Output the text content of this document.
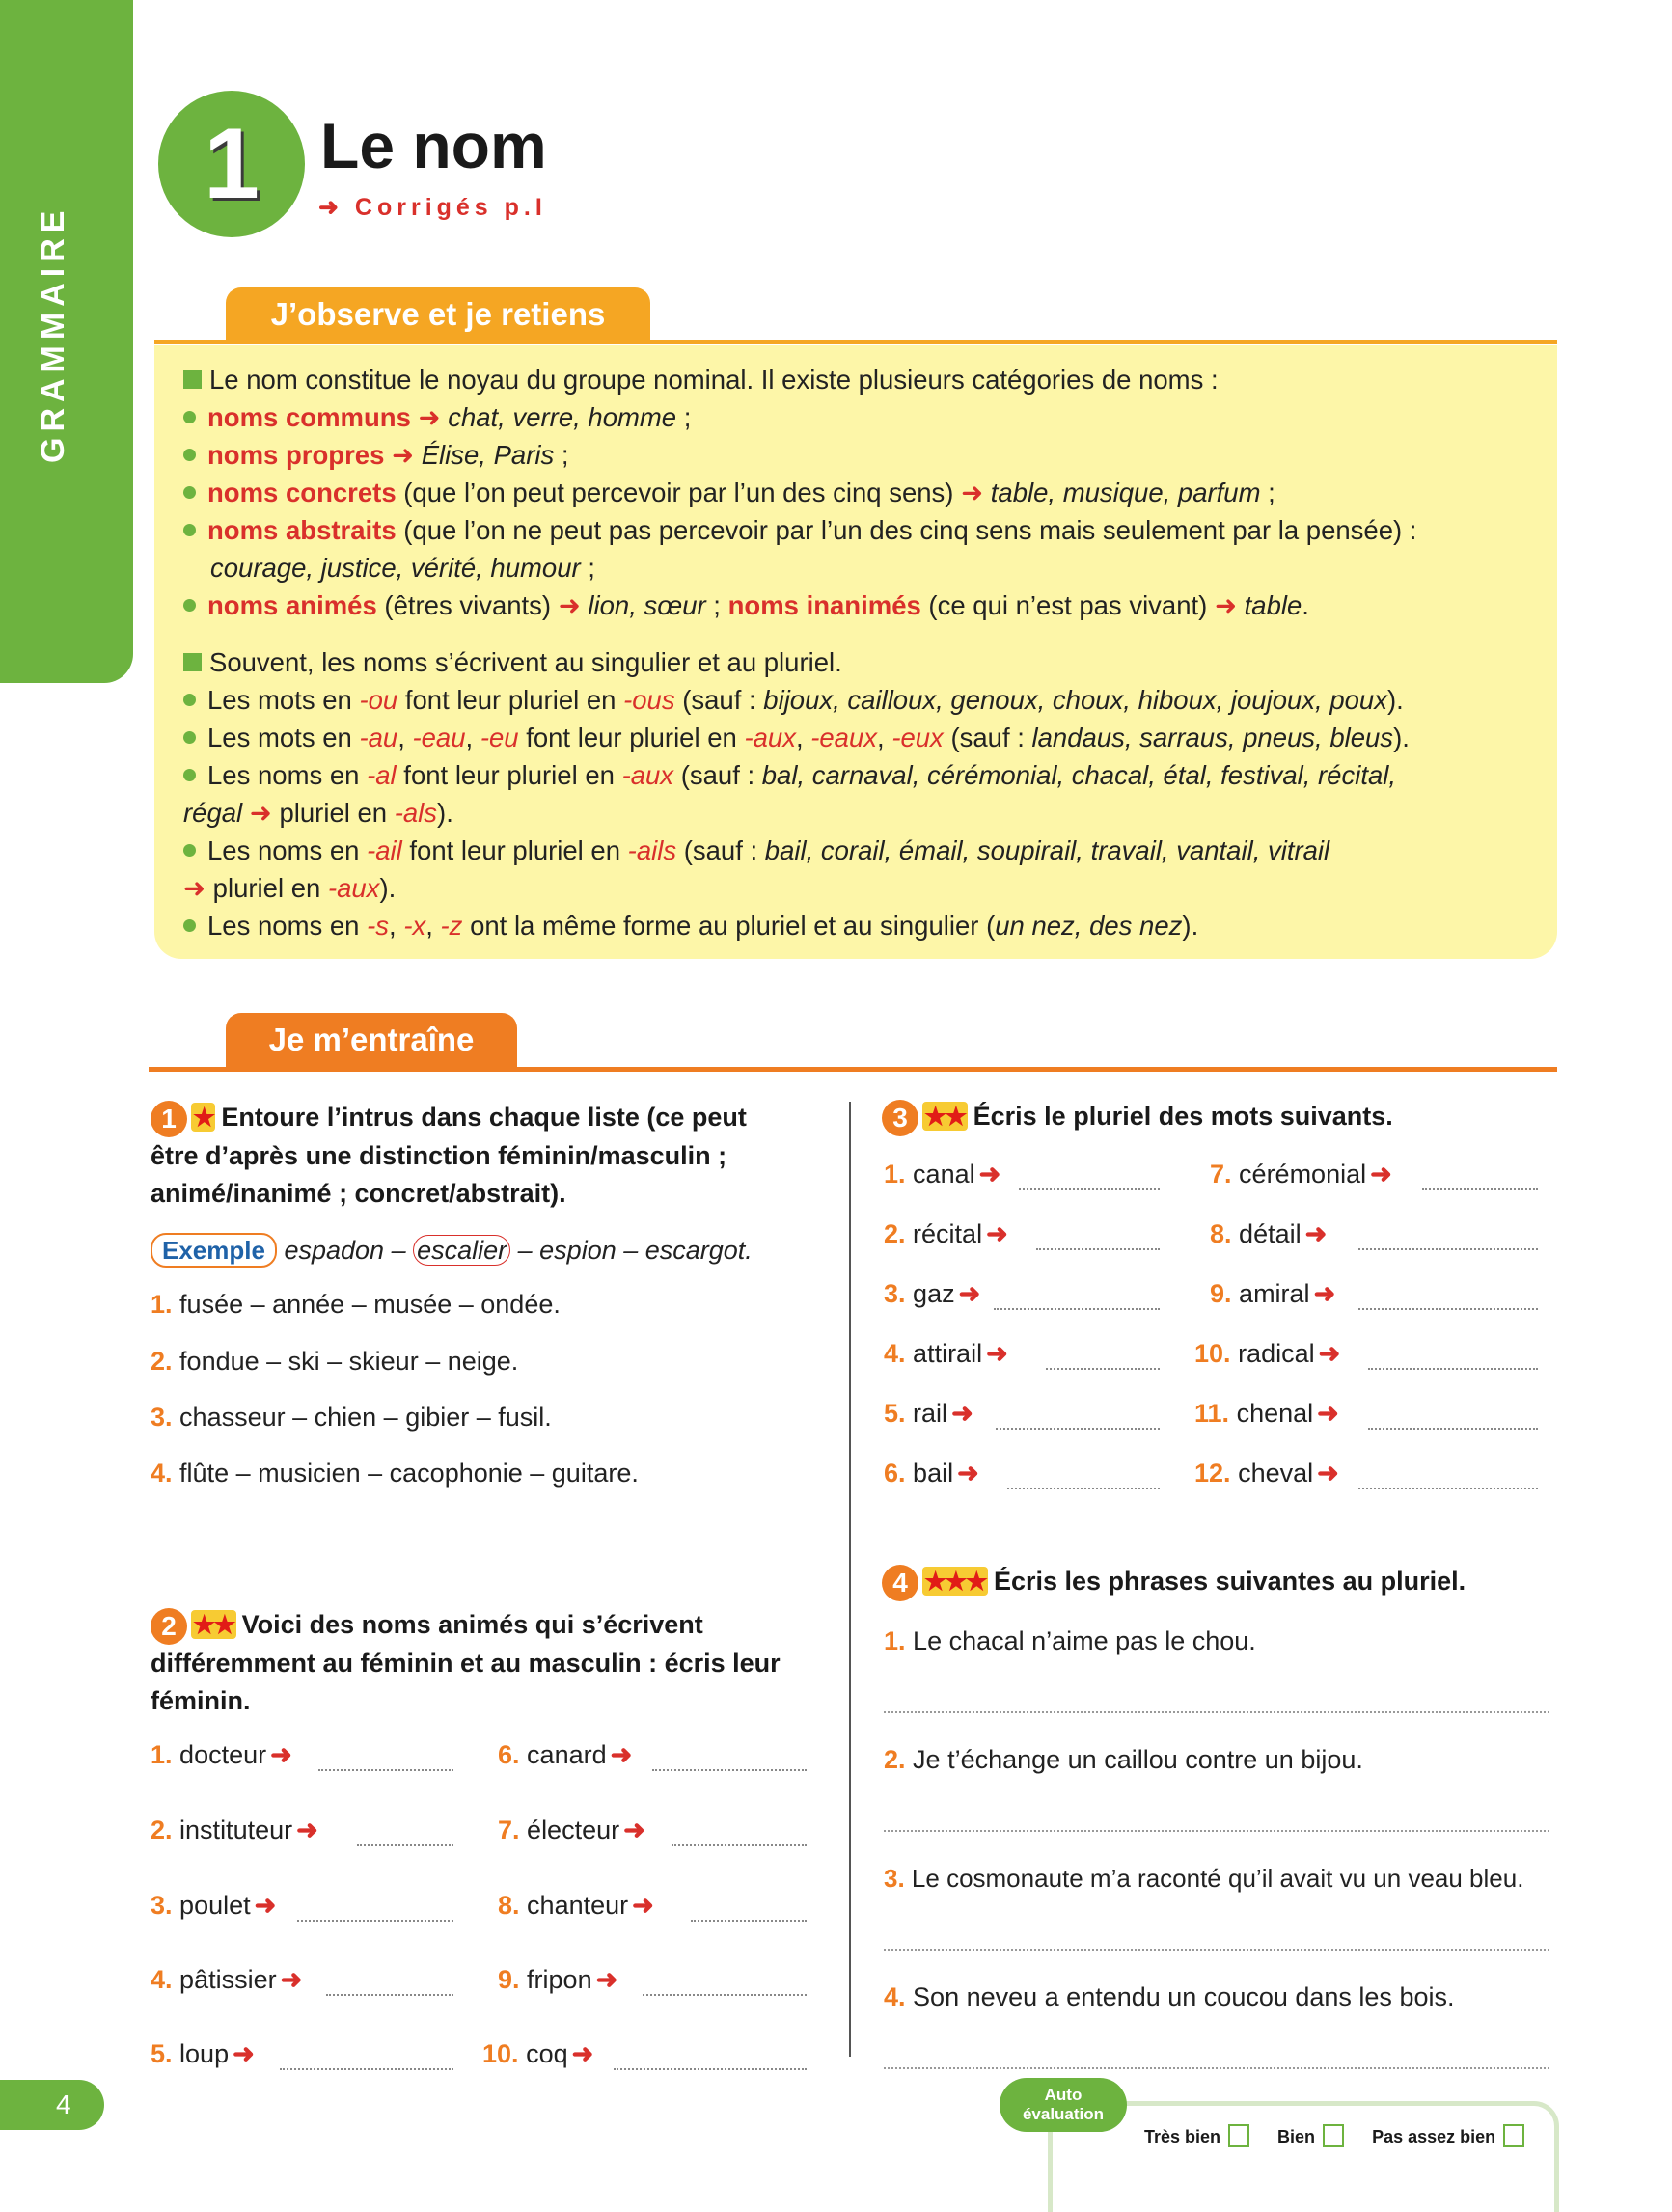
GRAMMAIRE
1 Le nom
➜ Corrigés p.I
J’observe et je retiens

Le nom constitue le noyau du groupe nominal. Il existe plusieurs catégories de noms :

noms communs ➜ chat, verre, homme ;

noms propres ➜ Élise, Paris ;

noms concrets (que l’on peut percevoir par l’un des cinq sens) ➜ table, musique, parfum ;

noms abstraits (que l’on ne peut pas percevoir par l’un des cinq sens mais seulement par la pensée) :

courage, justice, vérité, humour ;

noms animés (êtres vivants) ➜ lion, sœur ; noms inanimés (ce qui n’est pas vivant) ➜ table.

Souvent, les noms s’écrivent au singulier et au pluriel.

Les mots en -ou font leur pluriel en -ous (sauf : bijoux, cailloux, genoux, choux, hiboux, joujoux, poux).

Les mots en -au, -eau, -eu font leur pluriel en -aux, -eaux, -eux (sauf : landaus, sarraus, pneus, bleus).

Les noms en -al font leur pluriel en -aux (sauf : bal, carnaval, cérémonial, chacal, étal, festival, récital,

régal ➜ pluriel en -als).

Les noms en -ail font leur pluriel en -ails (sauf : bail, corail, émail, soupirail, travail, vantail, vitrail

➜ pluriel en -aux).

Les noms en -s, -x, -z ont la même forme au pluriel et au singulier (un nez, des nez).

Je m’entraîne
1 ★ Entoure l’intrus dans chaque liste (ce peut
être d’après une distinction féminin/masculin ;
animé/inanimé ; concret/abstrait).
Exemple espadon – escalier – espion – escargot.
1. fusée – année – musée – ondée.
2. fondue – ski – skieur – neige.
3. chasseur – chien – gibier – fusil.
4. flûte – musicien – cacophonie – guitare.
2 ★★ Voici des noms animés qui s’écrivent
différemment au féminin et au masculin : écris leur
féminin.
1. docteur ➜
2. instituteur ➜
3. poulet ➜
4. pâtissier ➜
5. loup ➜
6. canard ➜
7. électeur ➜
8. chanteur ➜
9. fripon ➜
10. coq ➜
3 ★★ Écris le pluriel des mots suivants.
1. canal ➜
2. récital ➜
3. gaz ➜
4. attirail ➜
5. rail ➜
6. bail ➜
7. cérémonial ➜
8. détail ➜
9. amiral ➜
10. radical ➜
11. chenal ➜
12. cheval ➜
4 ★★★ Écris les phrases suivantes au pluriel.
1. Le chacal n’aime pas le chou.
2. Je t’échange un caillou contre un bijou.
3. Le cosmonaute m’a raconté qu’il avait vu un veau bleu.
4. Son neveu a entendu un coucou dans les bois.
4	Auto
évaluation
Très bien	Bien	Pas assez bien
